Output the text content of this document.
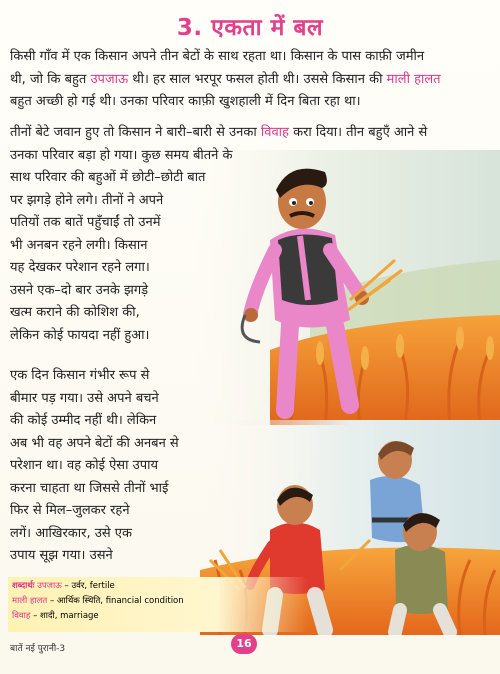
3. एकता में बल
किसी गाँव में एक किसान अपने तीन बेटों के साथ रहता था। किसान के पास काफ़ी जमीन
थी, जो कि बहुत उपजाऊ थी। हर साल भरपूर फसल होती थी। उससे किसान की माली हालत
बहुत अच्छी हो गई थी। उनका परिवार काफ़ी खुशहाली में दिन बिता रहा था।
तीनों बेटे जवान हुए तो किसान ने बारी–बारी से उनका विवाह करा दिया। तीन बहुएँ आने से
उनका परिवार बड़ा हो गया। कुछ समय बीतने के
साथ परिवार की बहुओं में छोटी–छोटी बात
पर झगड़े होने लगे। तीनों ने अपने
पतियों तक बातें पहुँचाईं तो उनमें
भी अनबन रहने लगी। किसान
यह देखकर परेशान रहने लगा।
उसने एक–दो बार उनके झगड़े
खत्म कराने की कोशिश की,
लेकिन कोई फायदा नहीं हुआ।
एक दिन किसान गंभीर रूप से
बीमार पड़ गया। उसे अपने बचने
की कोई उम्मीद नहीं थी। लेकिन
अब भी वह अपने बेटों की अनबन से
परेशान था। वह कोई ऐसा उपाय
करना चाहता था जिससे तीनों भाई
फिर से मिल–जुलकर रहने
लगें। आखिरकार, उसे एक
उपाय सूझ गया। उसने
शब्दार्थः उपजाऊ – उर्वर, fertile
माली हालत – आर्थिक स्थिति, financial condition
विवाह – शादी, marriage
बातें नई पुरानी-3	16
